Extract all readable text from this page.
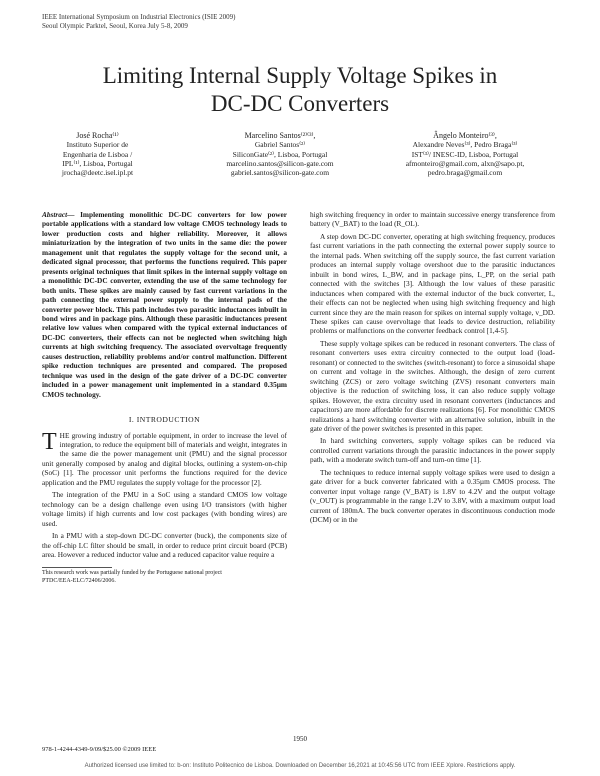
IEEE International Symposium on Industrial Electronics (ISIE 2009)
Seoul Olympic Parktel, Seoul, Korea July 5-8, 2009
Limiting Internal Supply Voltage Spikes in
DC-DC Converters
José Rocha⁽¹⁾
Instituto Superior de
Engenharia de Lisboa /
IPL⁽¹⁾, Lisboa, Portugal
jrocha@deetc.isel.ipl.pt
Marcelino Santos⁽²⁾⁽³⁾,
Gabriel Santos⁽²⁾
SiliconGate⁽²⁾, Lisboa, Portugal
marcelino.santos@silicon-gate.com
gabriel.santos@silicon-gate.com
Ângelo Monteiro⁽³⁾,
Alexandre Neves⁽³⁾, Pedro Braga⁽³⁾
IST⁽³⁾/ INESC-ID, Lisboa, Portugal
afmonteiro@gmail.com, alxn@sapo.pt,
pedro.braga@gmail.com

Abstract— Implementing monolithic DC-DC converters for low power portable applications with a standard low voltage CMOS technology leads to lower production costs and higher reliability. Moreover, it allows miniaturization by the integration of two units in the same die: the power management unit that regulates the supply voltage for the second unit, a dedicated signal processor, that performs the functions required. This paper presents original techniques that limit spikes in the internal supply voltage on a monolithic DC-DC converter, extending the use of the same technology for both units. These spikes are mainly caused by fast current variations in the path connecting the external power supply to the internal pads of the converter power block. This path includes two parasitic inductances inbuilt in bond wires and in package pins. Although these parasitic inductances present relative low values when compared with the typical external inductances of DC-DC converters, their effects can not be neglected when switching high currents at high switching frequency. The associated overvoltage frequently causes destruction, reliability problems and/or control malfunction. Different spike reduction techniques are presented and compared. The proposed technique was used in the design of the gate driver of a DC-DC converter included in a power management unit implemented in a standard 0.35µm CMOS technology.

I. INTRODUCTION

THE growing industry of portable equipment, in order to increase the level of integration, to reduce the equipment bill of materials and weight, integrates in the same die the power management unit (PMU) and the signal processor unit generally composed by analog and digital blocks, outlining a system-on-chip (SoC) [1]. The processor unit performs the functions required for the device application and the PMU regulates the supply voltage for the processor [2].

The integration of the PMU in a SoC using a standard CMOS low voltage technology can be a design challenge even using I/O transistors (with higher voltage limits) if high currents and low cost packages (with bonding wires) are used.

In a PMU with a step-down DC-DC converter (buck), the components size of the off-chip LC filter should be small, in order to reduce print circuit board (PCB) area. However a reduced inductor value and a reduced capacitor value require a

This research work was partially funded by the Portuguese national project

PTDC/EEA-ELC/72406/2006.

high switching frequency in order to maintain successive energy transference from battery (V_BAT) to the load (R_OL).

A step down DC-DC converter, operating at high switching frequency, produces fast current variations in the path connecting the external power supply source to the internal pads. When switching off the supply source, the fast current variation produces an internal supply voltage overshoot due to the parasitic inductances inbuilt in bond wires, L_BW, and in package pins, L_PP, on the serial path connected with the switches [3]. Although the low values of these parasitic inductances when compared with the external inductor of the buck converter, L, their effects can not be neglected when using high switching frequency and high current since they are the main reason for spikes on internal supply voltage, v_DD. These spikes can cause overvoltage that leads to device destruction, reliability problems or malfunctions on the converter feedback control [1,4-5].

These supply voltage spikes can be reduced in resonant converters. The class of resonant converters uses extra circuitry connected to the output load (load-resonant) or connected to the switches (switch-resonant) to force a sinusoidal shape on current and voltage in the switches. Although, the design of zero current switching (ZCS) or zero voltage switching (ZVS) resonant converters main objective is the reduction of switching loss, it can also reduce supply voltage spikes. However, the extra circuitry used in resonant converters (inductances and capacitors) are more affordable for discrete realizations [6]. For monolithic CMOS realizations a hard switching converter with an alternative solution, inbuilt in the gate driver of the power switches is presented in this paper.

In hard switching converters, supply voltage spikes can be reduced via controlled current variations through the parasitic inductances in the power supply path, with a moderate switch turn-off and turn-on time [1].

The techniques to reduce internal supply voltage spikes were used to design a gate driver for a buck converter fabricated with a 0.35µm CMOS process. The converter input voltage range (V_BAT) is 1.8V to 4.2V and the output voltage (v_OUT) is programmable in the range 1.2V to 3.8V, with a maximum output load current of 180mA. The buck converter operates in discontinuous conduction mode (DCM) or in the

1950
978-1-4244-4349-9/09/$25.00 ©2009 IEEE
Authorized licensed use limited to: b-on: Instituto Politecnico de Lisboa. Downloaded on December 16,2021 at 10:45:56 UTC from IEEE Xplore. Restrictions apply.
